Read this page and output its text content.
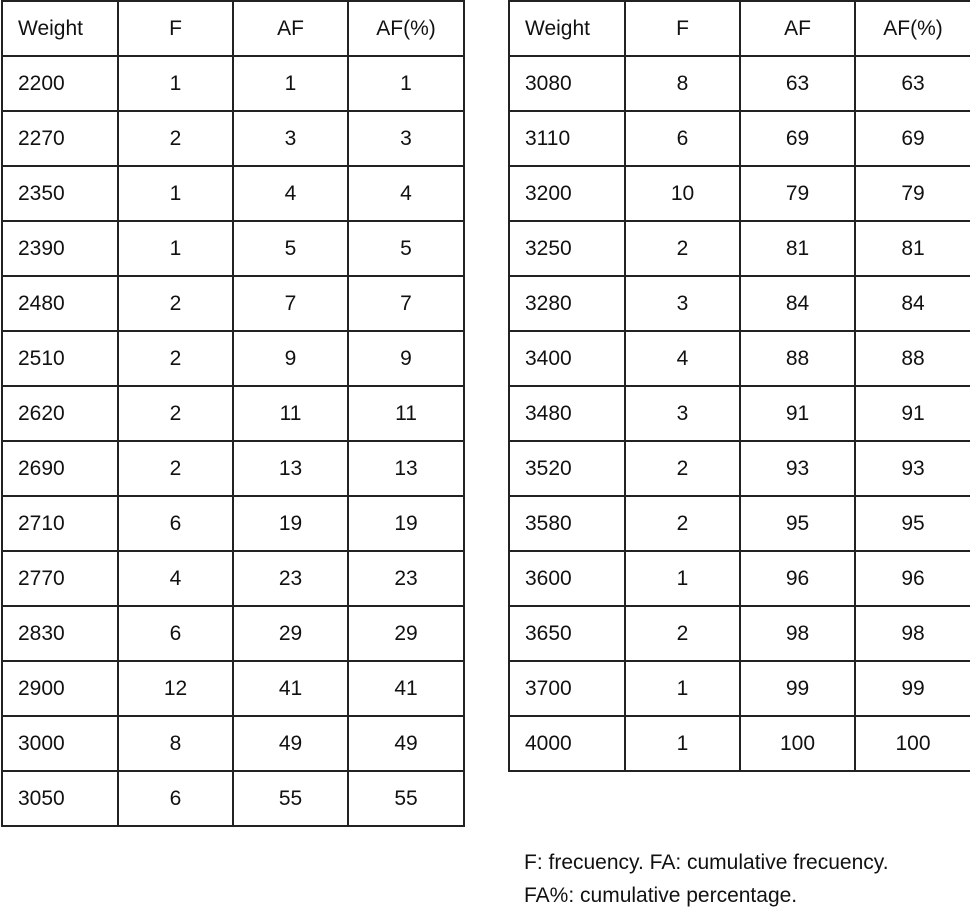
Weight	F	AF	AF(%)
2200	1	1	1
2270	2	3	3
2350	1	4	4
2390	1	5	5
2480	2	7	7
2510	2	9	9
2620	2	11	11
2690	2	13	13
2710	6	19	19
2770	4	23	23
2830	6	29	29
2900	12	41	41
3000	8	49	49
3050	6	55	55
Weight	F	AF	AF(%)
3080	8	63	63
3110	6	69	69
3200	10	79	79
3250	2	81	81
3280	3	84	84
3400	4	88	88
3480	3	91	91
3520	2	93	93
3580	2	95	95
3600	1	96	96
3650	2	98	98
3700	1	99	99
4000	1	100	100

F: frecuency. FA: cumulative frecuency.
FA%: cumulative percentage.
